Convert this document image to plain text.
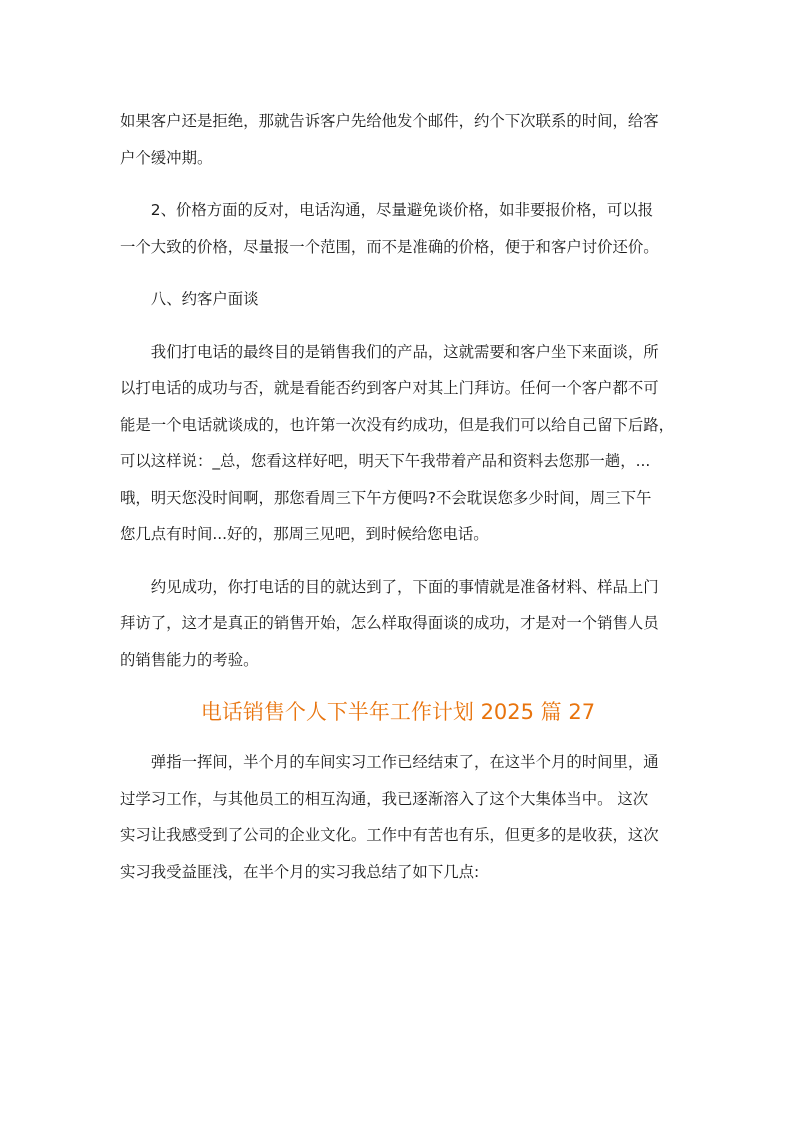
如果客户还是拒绝，那就告诉客户先给他发个邮件，约个下次联系的时间，给客
户个缓冲期。

2、价格方面的反对，电话沟通，尽量避免谈价格，如非要报价格，可以报
一个大致的价格，尽量报一个范围，而不是准确的价格，便于和客户讨价还价。

八、约客户面谈

我们打电话的最终目的是销售我们的产品，这就需要和客户坐下来面谈，所
以打电话的成功与否，就是看能否约到客户对其上门拜访。任何一个客户都不可
能是一个电话就谈成的，也许第一次没有约成功，但是我们可以给自己留下后路，
可以这样说：_总，您看这样好吧，明天下午我带着产品和资料去您那一趟，...
哦，明天您没时间啊，那您看周三下午方便吗?不会耽误您多少时间，周三下午
您几点有时间...好的，那周三见吧，到时候给您电话。

约见成功，你打电话的目的就达到了，下面的事情就是准备材料、样品上门
拜访了，这才是真正的销售开始，怎么样取得面谈的成功，才是对一个销售人员
的销售能力的考验。

电话销售个人下半年工作计划 2025 篇 27

弹指一挥间，半个月的车间实习工作已经结束了，在这半个月的时间里，通
过学习工作，与其他员工的相互沟通，我已逐渐溶入了这个大集体当中。 这次
实习让我感受到了公司的企业文化。工作中有苦也有乐，但更多的是收获，这次
实习我受益匪浅，在半个月的实习我总结了如下几点:
